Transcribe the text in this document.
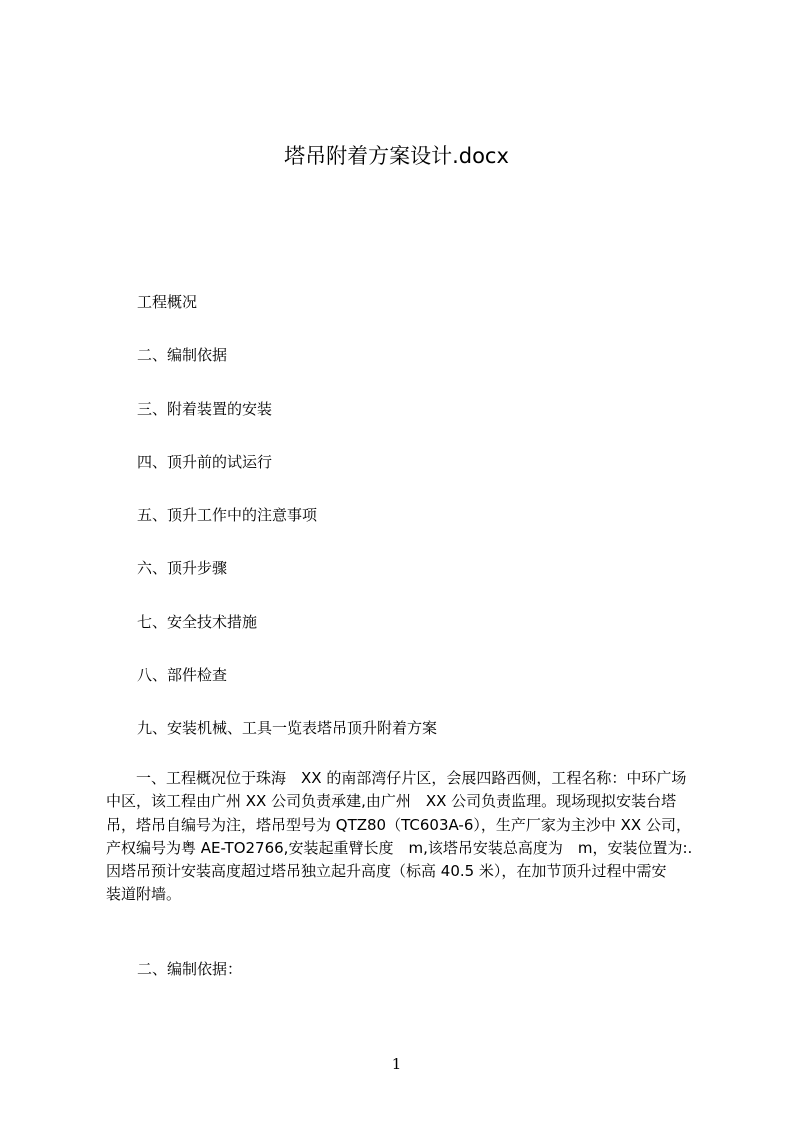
塔吊附着方案设计.docx
工程概况
二、编制依据
三、附着装置的安装
四、顶升前的试运行
五、顶升工作中的注意事项
六、顶升步骤
七、安全技术措施
八、部件检查
九、安装机械、工具一览表塔吊顶升附着方案

一、工程概况位于珠海　XX 的南部湾仔片区，会展四路西侧，工程名称：中环广场
中区，该工程由广州 XX 公司负责承建,由广州　XX 公司负责监理。现场现拟安装台塔
吊，塔吊自编号为注，塔吊型号为 QTZ80（TC603A-6），生产厂家为主沙中 XX 公司，
产权编号为粤 AE-TO2766,安装起重臂长度　m,该塔吊安装总高度为　m，安装位置为:.
因塔吊预计安装高度超过塔吊独立起升高度（标高 40.5 米），在加节顶升过程中需安
装道附墙。

二、编制依据：

1
